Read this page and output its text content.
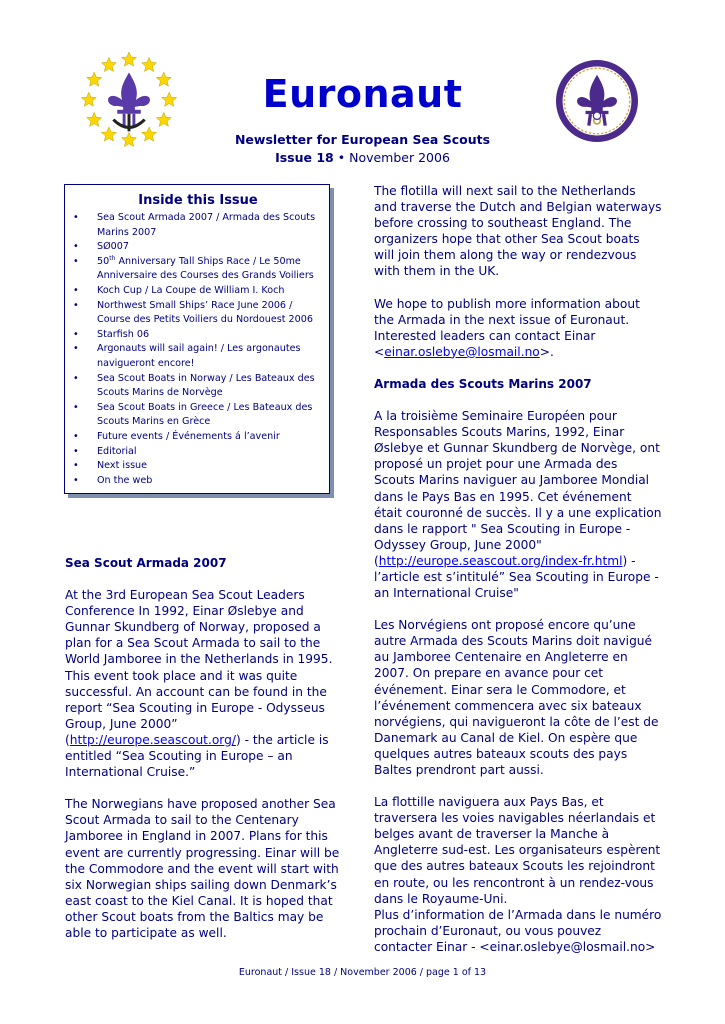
Euronaut

Newsletter for European Sea Scouts

Issue 18 • November 2006

Inside this Issue
• Sea Scout Armada 2007 / Armada des Scouts Marins 2007
• SØ007
• 50th Anniversary Tall Ships Race / Le 50me Anniversaire des Courses des Grands Voiliers
• Koch Cup / La Coupe de William I. Koch
• Northwest Small Ships’ Race June 2006 / Course des Petits Voiliers du Nordouest 2006
• Starfish 06
• Argonauts will sail again! / Les argonautes navigueront encore!
• Sea Scout Boats in Norway / Les Bateaux des Scouts Marins de Norvège
• Sea Scout Boats in Greece / Les Bateaux des Scouts Marins en Grèce
• Future events / Événements á l’avenir
• Editorial
• Next issue
• On the web
Sea Scout Armada 2007

At the 3rd European Sea Scout Leaders Conference In 1992, Einar Øslebye and Gunnar Skundberg of Norway, proposed a plan for a Sea Scout Armada to sail to the World Jamboree in the Netherlands in 1995. This event took place and it was quite successful. An account can be found in the report “Sea Scouting in Europe - Odysseus Group, June 2000” (http://europe.seascout.org/) - the article is entitled “Sea Scouting in Europe – an International Cruise.”

The Norwegians have proposed another Sea Scout Armada to sail to the Centenary Jamboree in England in 2007. Plans for this event are currently progressing. Einar will be the Commodore and the event will start with six Norwegian ships sailing down Denmark’s east coast to the Kiel Canal. It is hoped that other Scout boats from the Baltics may be able to participate as well.

The flotilla will next sail to the Netherlands and traverse the Dutch and Belgian waterways before crossing to southeast England. The organizers hope that other Sea Scout boats will join them along the way or rendezvous with them in the UK.

We hope to publish more information about the Armada in the next issue of Euronaut. Interested leaders can contact Einar <einar.oslebye@losmail.no>.

Armada des Scouts Marins 2007

A la troisième Seminaire Européen pour Responsables Scouts Marins, 1992, Einar Øslebye et Gunnar Skundberg de Norvège, ont proposé un projet pour une Armada des Scouts Marins naviguer au Jamboree Mondial dans le Pays Bas en 1995. Cet événement était couronné de succès. Il y a une explication dans le rapport " Sea Scouting in Europe - Odyssey Group, June 2000" (http://europe.seascout.org/index-fr.html) - l’article est s’intitulé” Sea Scouting in Europe - an International Cruise"

Les Norvégiens ont proposé encore qu’une autre Armada des Scouts Marins doit navigué au Jamboree Centenaire en Angleterre en 2007. On prepare en avance pour cet événement. Einar sera le Commodore, et l’événement commencera avec six bateaux norvégiens, qui navigueront la côte de l’est de Danemark au Canal de Kiel. On espère que quelques autres bateaux scouts des pays Baltes prendront part aussi.

La flottille naviguera aux Pays Bas, et traversera les voies navigables néerlandais et belges avant de traverser la Manche à Angleterre sud-est. Les organisateurs espèrent que des autres bateaux Scouts les rejoindront en route, ou les rencontront à un rendez-vous dans le Royaume-Uni.

Plus d’information de l’Armada dans le numéro prochain d’Euronaut, ou vous pouvez contacter Einar - <einar.oslebye@losmail.no>

Euronaut / Issue 18 / November 2006 / page 1 of 13
